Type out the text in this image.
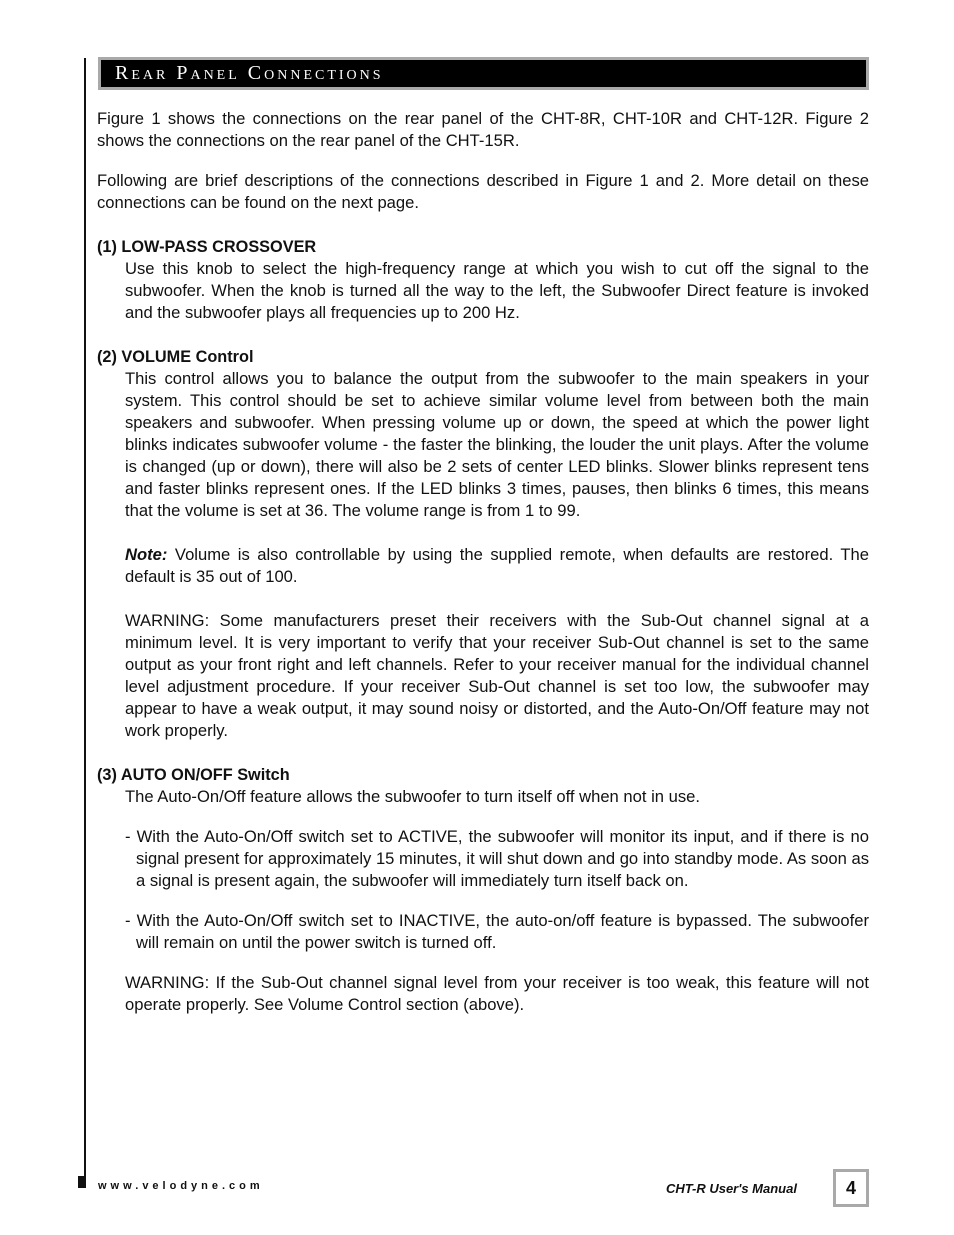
Rear Panel Connections

Figure 1 shows the connections on the rear panel of the CHT-8R, CHT-10R and CHT-12R. Figure 2 shows the connections on the rear panel of the CHT-15R.

Following are brief descriptions of the connections described in Figure 1 and 2. More detail on these connections can be found on the next page.

(1) LOW-PASS CROSSOVER

Use this knob to select the high-frequency range at which you wish to cut off the signal to the subwoofer. When the knob is turned all the way to the left, the Subwoofer Direct feature is invoked and the subwoofer plays all frequencies up to 200 Hz.

(2) VOLUME Control

This control allows you to balance the output from the subwoofer to the main speakers in your system. This control should be set to achieve similar volume level from between both the main speakers and subwoofer. When pressing volume up or down, the speed at which the power light blinks indicates subwoofer volume - the faster the blinking, the louder the unit plays. After the volume is changed (up or down), there will also be 2 sets of center LED blinks. Slower blinks represent tens and faster blinks represent ones. If the LED blinks 3 times, pauses, then blinks 6 times, this means that the volume is set at 36. The volume range is from 1 to 99.

Note: Volume is also controllable by using the supplied remote, when defaults are restored. The default is 35 out of 100.

WARNING: Some manufacturers preset their receivers with the Sub-Out channel signal at a minimum level. It is very important to verify that your receiver Sub-Out channel is set to the same output as your front right and left channels. Refer to your receiver manual for the individual channel level adjustment procedure. If your receiver Sub-Out channel is set too low, the subwoofer may appear to have a weak output, it may sound noisy or distorted, and the Auto-On/Off feature may not work properly.

(3) AUTO ON/OFF Switch

The Auto-On/Off feature allows the subwoofer to turn itself off when not in use.

- With the Auto-On/Off switch set to ACTIVE, the subwoofer will monitor its input, and if there is no signal present for approximately 15 minutes, it will shut down and go into standby mode. As soon as a signal is present again, the subwoofer will immediately turn itself back on.

- With the Auto-On/Off switch set to INACTIVE, the auto-on/off feature is bypassed. The subwoofer will remain on until the power switch is turned off.

WARNING: If the Sub-Out channel signal level from your receiver is too weak, this feature will not operate properly. See Volume Control section (above).

www.velodyne.com	CHT-R User's Manual	4
